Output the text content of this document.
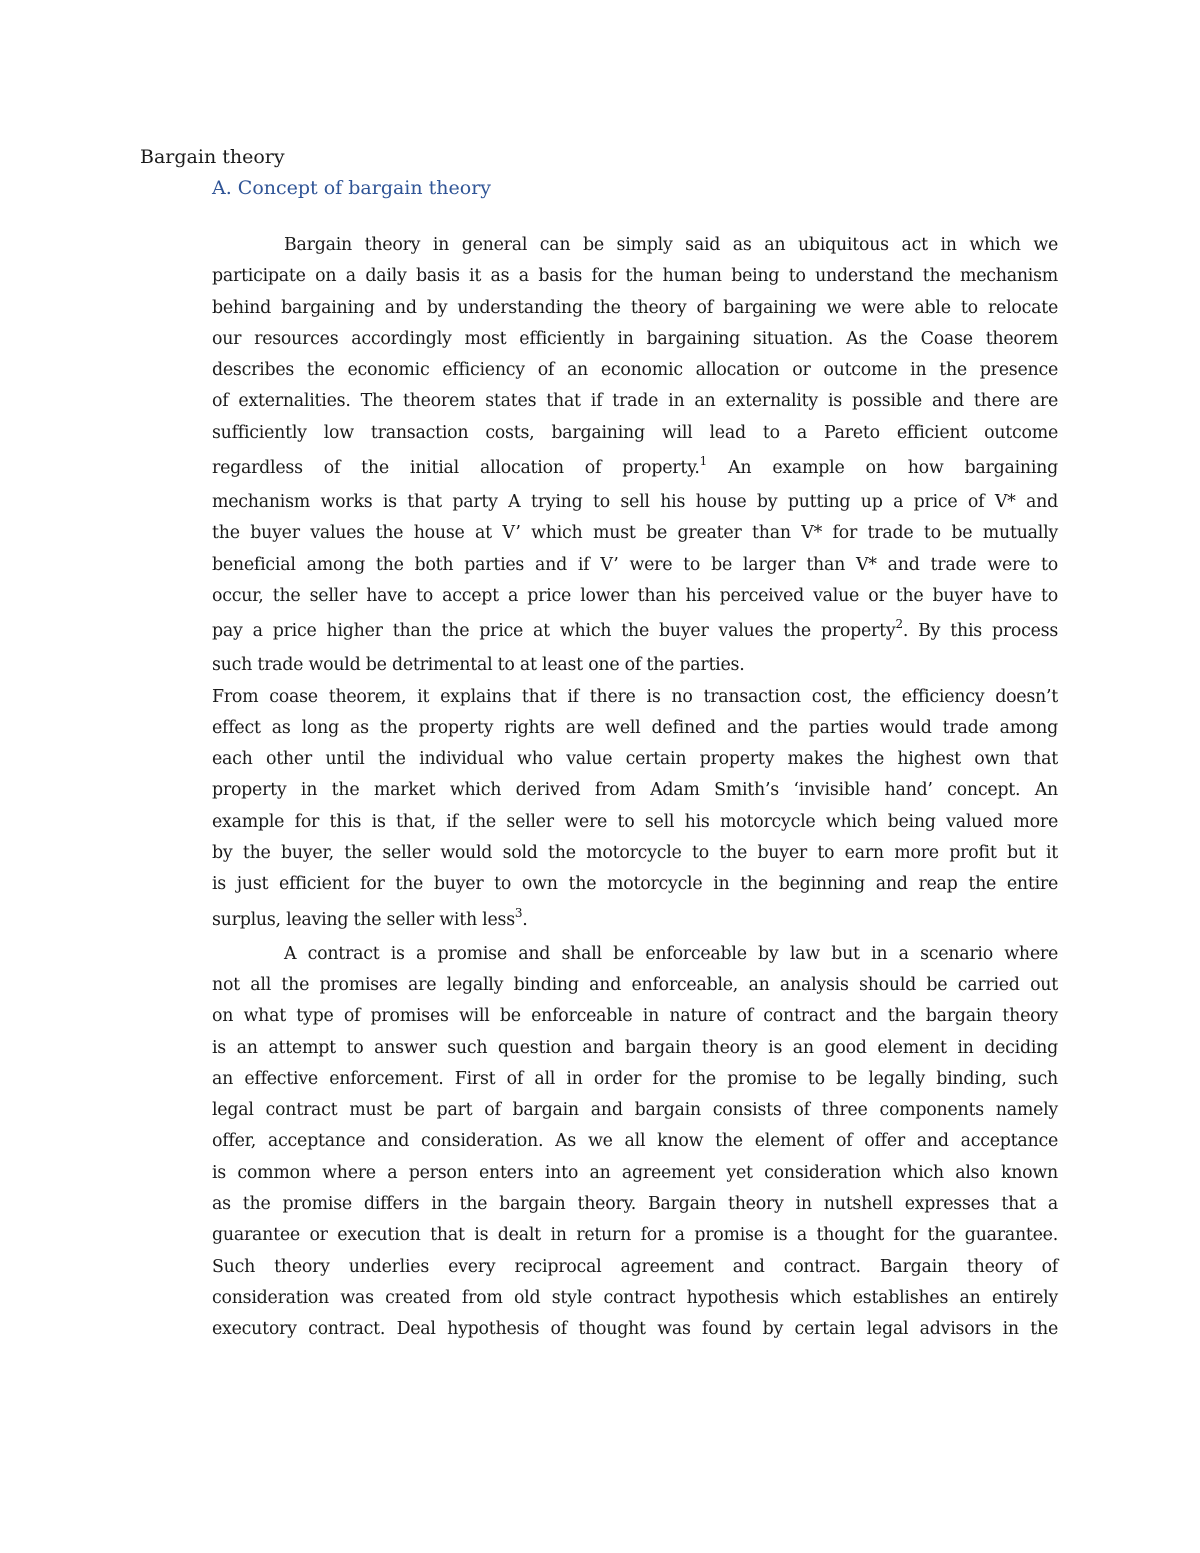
Bargain theory
A. Concept of bargain theory
Bargain theory in general can be simply said as an ubiquitous act in which we
participate on a daily basis it as a basis for the human being to understand the mechanism
behind bargaining and by understanding the theory of bargaining we were able to relocate
our resources accordingly most efficiently in bargaining situation. As the Coase theorem
describes the economic efficiency of an economic allocation or outcome in the presence
of externalities. The theorem states that if trade in an externality is possible and there are
sufficiently low transaction costs, bargaining will lead to a Pareto efficient outcome
regardless of the initial allocation of property.$^1$ An example on how bargaining
mechanism works is that party A trying to sell his house by putting up a price of V* and
the buyer values the house at V’ which must be greater than V* for trade to be mutually
beneficial among the both parties and if V’ were to be larger than V* and trade were to
occur, the seller have to accept a price lower than his perceived value or the buyer have to
pay a price higher than the price at which the buyer values the property$^2$. By this process
such trade would be detrimental to at least one of the parties.
From coase theorem, it explains that if there is no transaction cost, the efficiency doesn’t
effect as long as the property rights are well defined and the parties would trade among
each other until the individual who value certain property makes the highest own that
property in the market which derived from Adam Smith’s ‘invisible hand’ concept. An
example for this is that, if the seller were to sell his motorcycle which being valued more
by the buyer, the seller would sold the motorcycle to the buyer to earn more profit but it
is just efficient for the buyer to own the motorcycle in the beginning and reap the entire
surplus, leaving the seller with less$^3$.
A contract is a promise and shall be enforceable by law but in a scenario where
not all the promises are legally binding and enforceable, an analysis should be carried out
on what type of promises will be enforceable in nature of contract and the bargain theory
is an attempt to answer such question and bargain theory is an good element in deciding
an effective enforcement. First of all in order for the promise to be legally binding, such
legal contract must be part of bargain and bargain consists of three components namely
offer, acceptance and consideration. As we all know the element of offer and acceptance
is common where a person enters into an agreement yet consideration which also known
as the promise differs in the bargain theory. Bargain theory in nutshell expresses that a
guarantee or execution that is dealt in return for a promise is a thought for the guarantee.
Such theory underlies every reciprocal agreement and contract. Bargain theory of
consideration was created from old style contract hypothesis which establishes an entirely
executory contract. Deal hypothesis of thought was found by certain legal advisors in the
